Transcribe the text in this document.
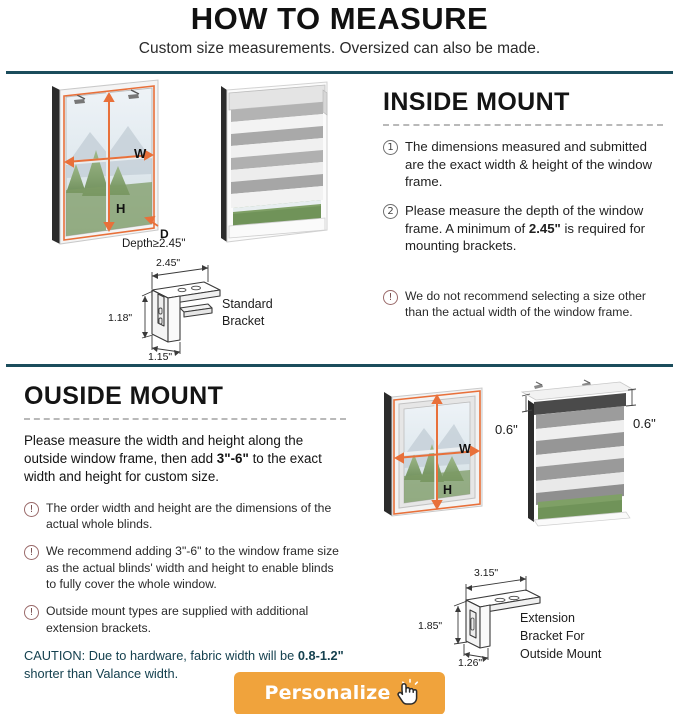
HOW TO MEASURE
Custom size measurements. Oversized can also be made.
W
H
D
Depth≥2.45"
2.45"
1.18"
1.15"
Standard
Bracket
INSIDE MOUNT
1 The dimensions measured and submitted are the exact width & height of the window frame.
2 Please measure the depth of the window frame. A minimum of 2.45" is required for mounting brackets.
!	We do not recommend selecting a size other than the actual width of the window frame.
OUSIDE MOUNT
Please measure the width and height along the outside window frame, then add 3"-6" to the exact width and height for custom size.
!	The order width and height are the dimensions of the actual whole blinds.
!	We recommend adding 3"-6" to the window frame size as the actual blinds' width and height to enable blinds to fully cover the whole window.
!	Outside mount types are supplied with additional extension brackets.
CAUTION: Due to hardware, fabric width will be 0.8-1.2" shorter than Valance width.
W
H
0.6"	0.6"
3.15"
1.85"
1.26"
Extension
Bracket For
Outside Mount
Personalize
